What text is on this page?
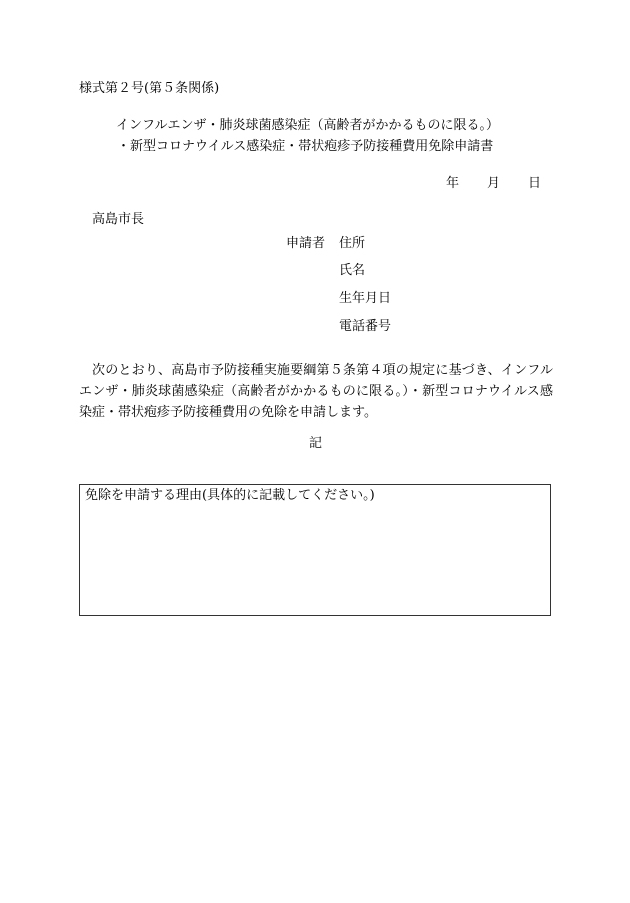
様式第２号(第５条関係)
インフルエンザ・肺炎球菌感染症（高齢者がかかるものに限る。）
・新型コロナウイルス感染症・帯状疱疹予防接種費用免除申請書
年 月 日
高島市長
申請者 住所
氏名
生年月日
電話番号
次のとおり、高島市予防接種実施要綱第５条第４項の規定に基づき、インフルエンザ・肺炎球菌感染症（高齢者がかかるものに限る。）・新型コロナウイルス感染症・帯状疱疹予防接種費用の免除を申請します。
記
免除を申請する理由(具体的に記載してください。)
